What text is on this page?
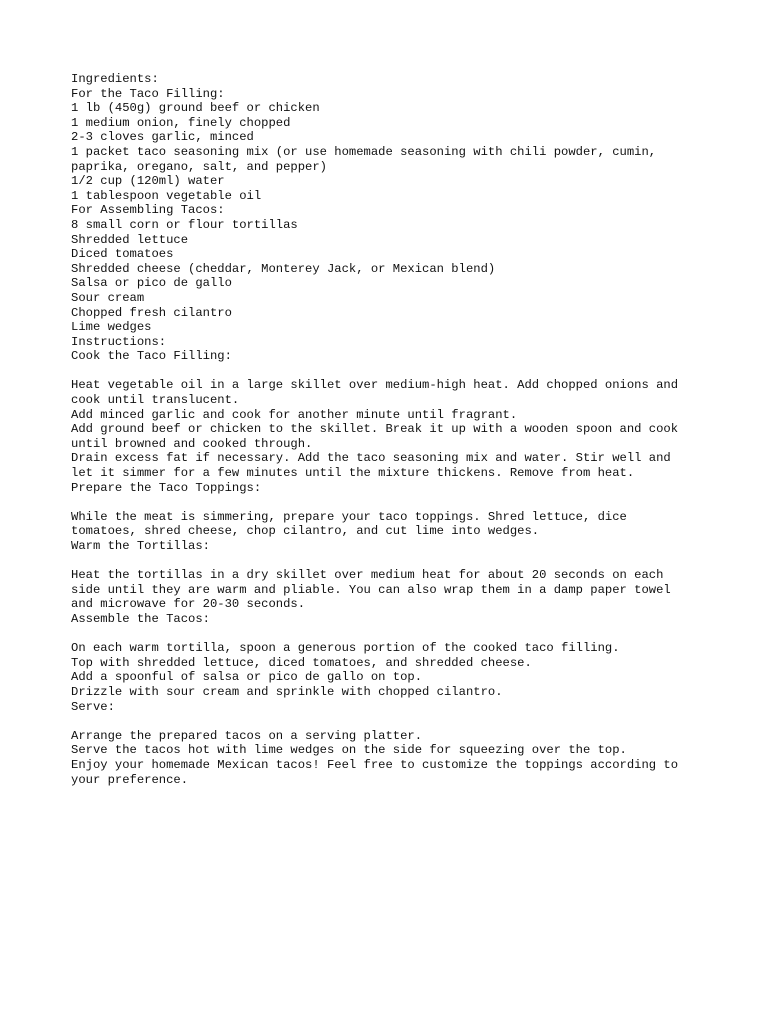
Ingredients:
For the Taco Filling:
1 lb (450g) ground beef or chicken
1 medium onion, finely chopped
2-3 cloves garlic, minced
1 packet taco seasoning mix (or use homemade seasoning with chili powder, cumin,
paprika, oregano, salt, and pepper)
1/2 cup (120ml) water
1 tablespoon vegetable oil
For Assembling Tacos:
8 small corn or flour tortillas
Shredded lettuce
Diced tomatoes
Shredded cheese (cheddar, Monterey Jack, or Mexican blend)
Salsa or pico de gallo
Sour cream
Chopped fresh cilantro
Lime wedges
Instructions:
Cook the Taco Filling:
Heat vegetable oil in a large skillet over medium-high heat. Add chopped onions and
cook until translucent.
Add minced garlic and cook for another minute until fragrant.
Add ground beef or chicken to the skillet. Break it up with a wooden spoon and cook
until browned and cooked through.
Drain excess fat if necessary. Add the taco seasoning mix and water. Stir well and
let it simmer for a few minutes until the mixture thickens. Remove from heat.
Prepare the Taco Toppings:
While the meat is simmering, prepare your taco toppings. Shred lettuce, dice
tomatoes, shred cheese, chop cilantro, and cut lime into wedges.
Warm the Tortillas:
Heat the tortillas in a dry skillet over medium heat for about 20 seconds on each
side until they are warm and pliable. You can also wrap them in a damp paper towel
and microwave for 20-30 seconds.
Assemble the Tacos:
On each warm tortilla, spoon a generous portion of the cooked taco filling.
Top with shredded lettuce, diced tomatoes, and shredded cheese.
Add a spoonful of salsa or pico de gallo on top.
Drizzle with sour cream and sprinkle with chopped cilantro.
Serve:
Arrange the prepared tacos on a serving platter.
Serve the tacos hot with lime wedges on the side for squeezing over the top.
Enjoy your homemade Mexican tacos! Feel free to customize the toppings according to
your preference.
